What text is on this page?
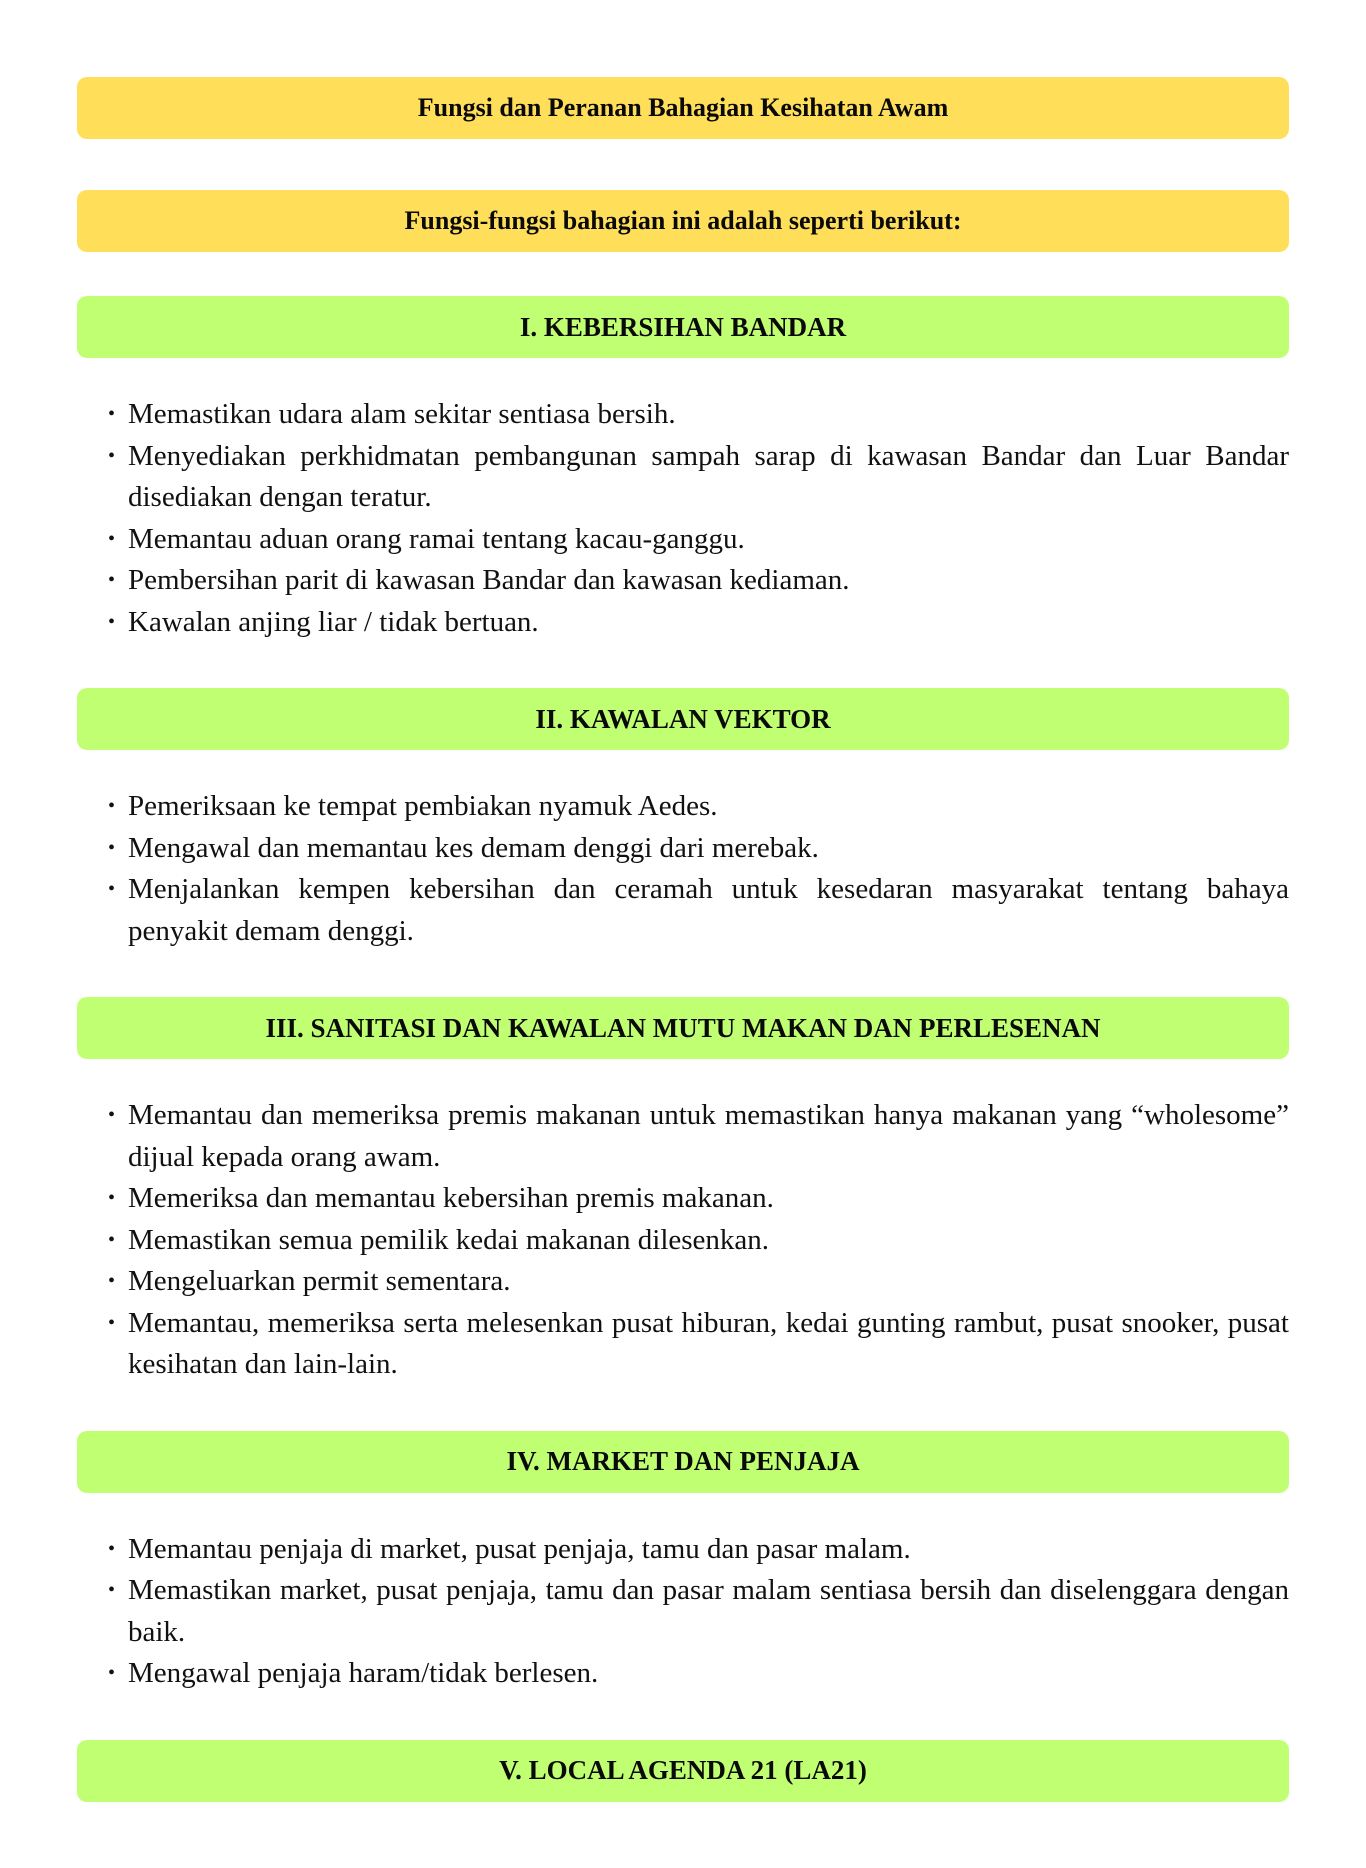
Fungsi dan Peranan Bahagian Kesihatan Awam
Fungsi-fungsi bahagian ini adalah seperti berikut:
I. KEBERSIHAN BANDAR
• Memastikan udara alam sekitar sentiasa bersih.
• Menyediakan perkhidmatan pembangunan sampah sarap di kawasan Bandar dan Luar Bandar disediakan dengan teratur.
• Memantau aduan orang ramai tentang kacau-ganggu.
• Pembersihan parit di kawasan Bandar dan kawasan kediaman.
• Kawalan anjing liar / tidak bertuan.
II. KAWALAN VEKTOR
• Pemeriksaan ke tempat pembiakan nyamuk Aedes.
• Mengawal dan memantau kes demam denggi dari merebak.
• Menjalankan kempen kebersihan dan ceramah untuk kesedaran masyarakat tentang bahaya penyakit demam denggi.
III. SANITASI DAN KAWALAN MUTU MAKAN DAN PERLESENAN
• Memantau dan memeriksa premis makanan untuk memastikan hanya makanan yang “wholesome” dijual kepada orang awam.
• Memeriksa dan memantau kebersihan premis makanan.
• Memastikan semua pemilik kedai makanan dilesenkan.
• Mengeluarkan permit sementara.
• Memantau, memeriksa serta melesenkan pusat hiburan, kedai gunting rambut, pusat snooker, pusat kesihatan dan lain-lain.
IV. MARKET DAN PENJAJA
• Memantau penjaja di market, pusat penjaja, tamu dan pasar malam.
• Memastikan market, pusat penjaja, tamu dan pasar malam sentiasa bersih dan diselenggara dengan baik.
• Mengawal penjaja haram/tidak berlesen.
V. LOCAL AGENDA 21 (LA21)
